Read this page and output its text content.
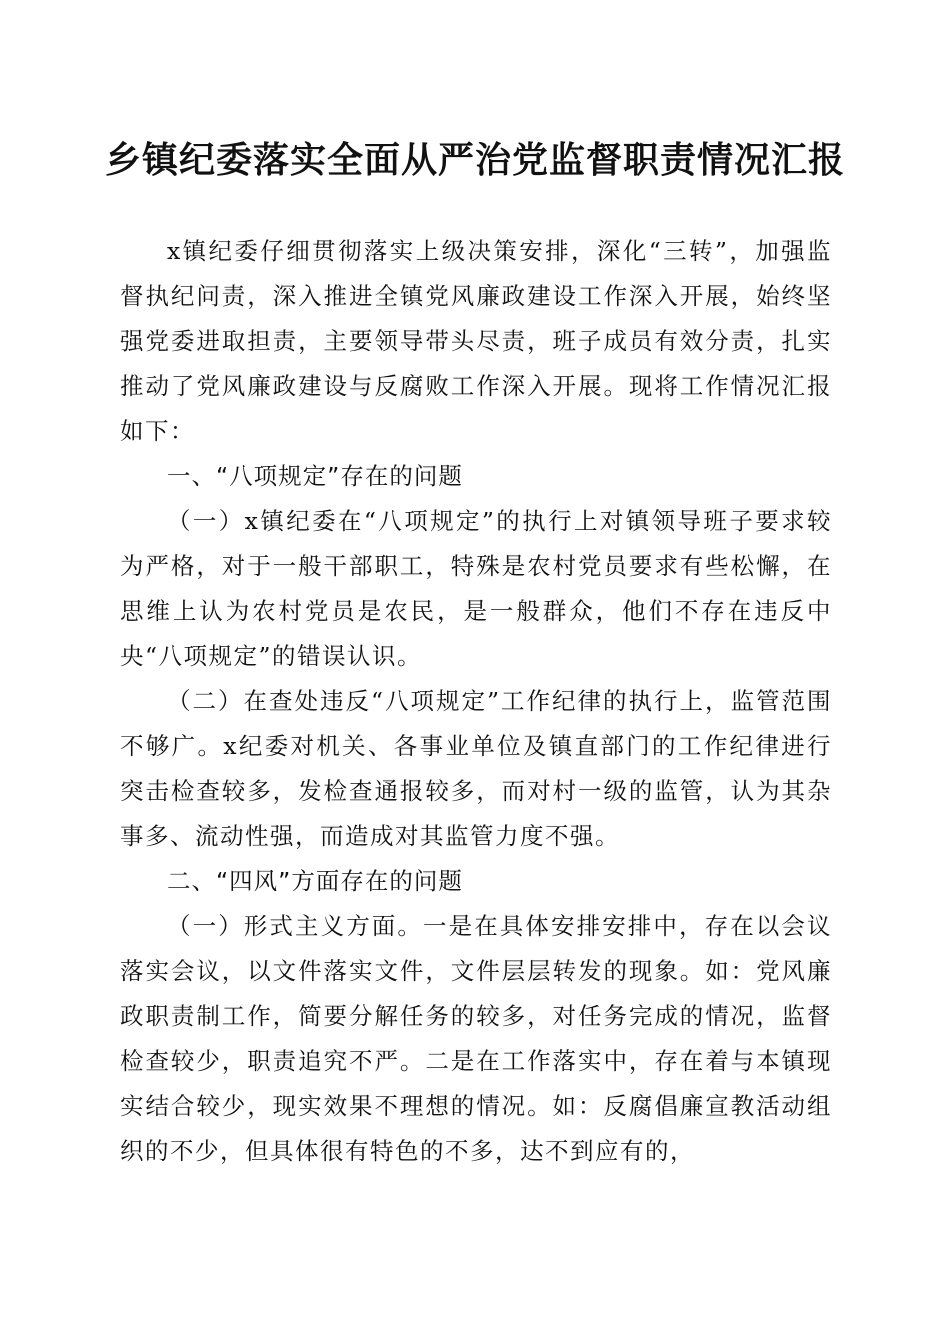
乡镇纪委落实全面从严治党监督职责情况汇报

x镇纪委仔细贯彻落实上级决策安排，深化“三转”，加强监督执纪问责，深入推进全镇党风廉政建设工作深入开展，始终坚强党委进取担责，主要领导带头尽责，班子成员有效分责，扎实推动了党风廉政建设与反腐败工作深入开展。现将工作情况汇报如下：

一、“八项规定”存在的问题

（一）x镇纪委在“八项规定”的执行上对镇领导班子要求较为严格，对于一般干部职工，特殊是农村党员要求有些松懈，在思维上认为农村党员是农民，是一般群众，他们不存在违反中央“八项规定”的错误认识。

（二）在查处违反“八项规定”工作纪律的执行上，监管范围不够广。x纪委对机关、各事业单位及镇直部门的工作纪律进行突击检查较多，发检查通报较多，而对村一级的监管，认为其杂事多、流动性强，而造成对其监管力度不强。

二、“四风”方面存在的问题

（一）形式主义方面。一是在具体安排安排中，存在以会议落实会议，以文件落实文件，文件层层转发的现象。如：党风廉政职责制工作，简要分解任务的较多，对任务完成的情况，监督检查较少，职责追究不严。二是在工作落实中，存在着与本镇现实结合较少，现实效果不理想的情况。如：反腐倡廉宣教活动组织的不少，但具体很有特色的不多，达不到应有的，
